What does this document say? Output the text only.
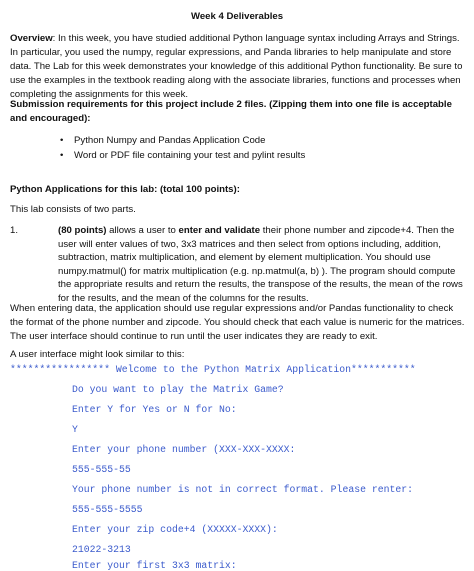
Week 4 Deliverables

Overview: In this week, you have studied additional Python language syntax including Arrays and Strings. In particular, you used the numpy, regular expressions, and Panda libraries to help manipulate and store data. The Lab for this week demonstrates your knowledge of this additional Python functionality. Be sure to use the examples in the textbook reading along with the associate libraries, functions and processes when completing the assignments for this week.

Submission requirements for this project include 2 files. (Zipping them into one file is acceptable and encouraged):

• Python Numpy and Pandas Application Code
• Word or PDF file containing your test and pylint results

Python Applications for this lab: (total 100 points):

This lab consists of two parts.

1.	(80 points) allows a user to enter and validate their phone number and zipcode+4. Then the user will enter values of two, 3x3 matrices and then select from options including, addition, subtraction, matrix multiplication, and element by element multiplication. You should use numpy.matmul() for matrix multiplication (e.g. np.matmul(a, b) ). The program should compute the appropriate results and return the results, the transpose of the results, the mean of the rows for the results, and the mean of the columns for the results.

When entering data, the application should use regular expressions and/or Pandas functionality to check the format of the phone number and zipcode. You should check that each value is numeric for the matrices. The user interface should continue to run until the user indicates they are ready to exit.

A user interface might look similar to this:

***************** Welcome to the Python Matrix Application***********
Do you want to play the Matrix Game?
Enter Y for Yes or N for No:
Y
Enter your phone number (XXX-XXX-XXXX:
555-555-55
Your phone number is not in correct format. Please renter:
555-555-5555
Enter your zip code+4 (XXXXX-XXXX):
21022-3213
Enter your first 3x3 matrix:
